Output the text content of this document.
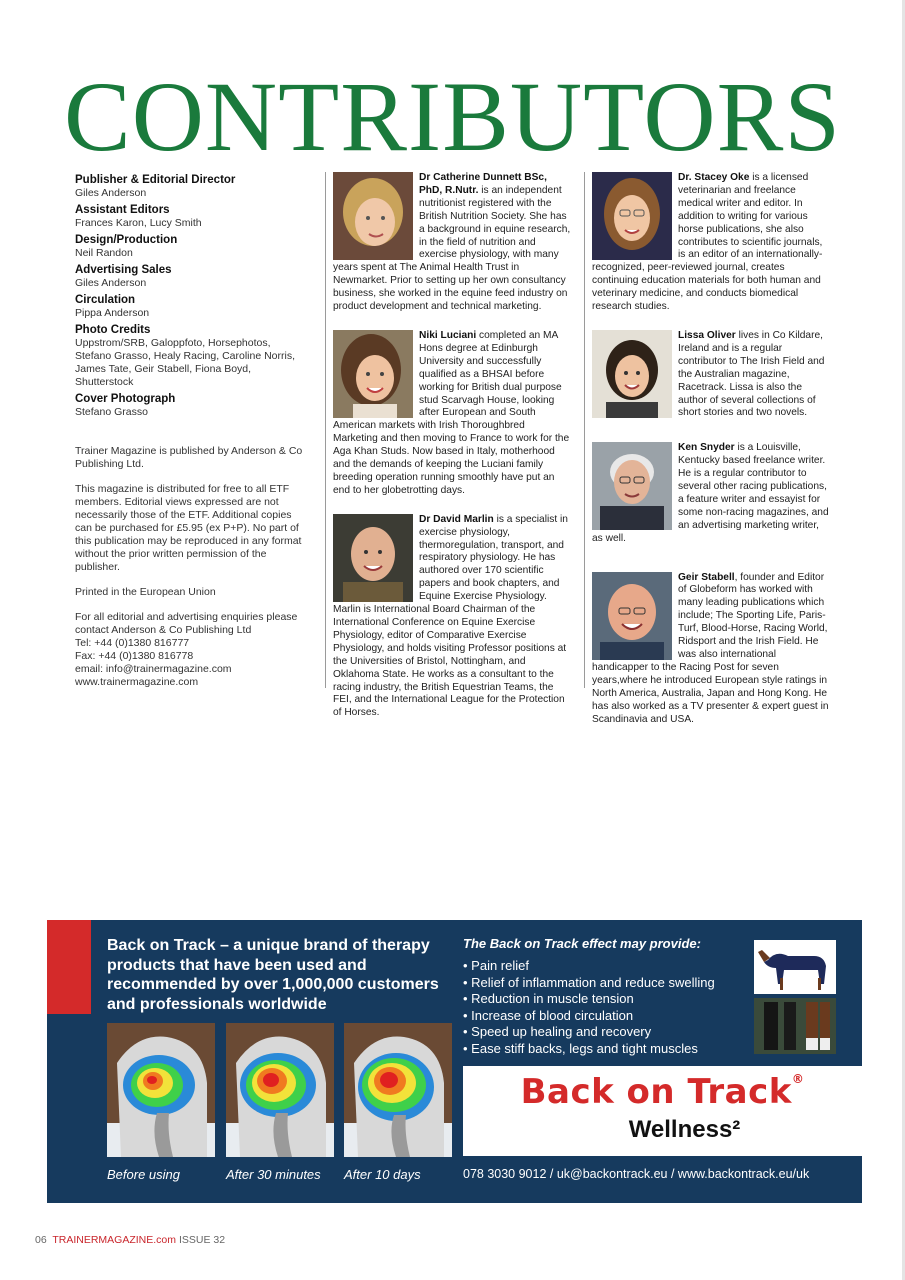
CONTRIBUTORS
Publisher & Editorial Director
Giles Anderson
Assistant Editors
Frances Karon, Lucy Smith
Design/Production
Neil Randon
Advertising Sales
Giles Anderson
Circulation
Pippa Anderson
Photo Credits
Uppstrom/SRB, Galoppfoto, Horsephotos, Stefano Grasso, Healy Racing, Caroline Norris, James Tate, Geir Stabell, Fiona Boyd, Shutterstock
Cover Photograph
Stefano Grasso

Trainer Magazine is published by Anderson & Co Publishing Ltd.

This magazine is distributed for free to all ETF members. Editorial views expressed are not necessarily those of the ETF. Additional copies can be purchased for £5.95 (ex P+P). No part of this publication may be reproduced in any format without the prior written permission of the publisher.

Printed in the European Union

For all editorial and advertising enquiries please contact Anderson & Co Publishing Ltd
Tel: +44 (0)1380 816777
Fax: +44 (0)1380 816778
email: info@trainermagazine.com
www.trainermagazine.com

Dr Catherine Dunnett BSc, PhD, R.Nutr. is an independent nutritionist registered with the British Nutrition Society. She has a background in equine research, in the field of nutrition and exercise physiology, with many years spent at The Animal Health Trust in Newmarket. Prior to setting up her own consultancy business, she worked in the equine feed industry on product development and technical marketing.
Niki Luciani completed an MA Hons degree at Edinburgh University and successfully qualified as a BHSAI before working for British dual purpose stud Scarvagh House, looking after European and South American markets with Irish Thoroughbred Marketing and then moving to France to work for the Aga Khan Studs. Now based in Italy, motherhood and the demands of keeping the Luciani family breeding operation running smoothly have put an end to her globetrotting days.
Dr David Marlin is a specialist in exercise physiology, thermoregulation, transport, and respiratory physiology. He has authored over 170 scientific papers and book chapters, and Equine Exercise Physiology. Marlin is International Board Chairman of the International Conference on Equine Exercise Physiology, editor of Comparative Exercise Physiology, and holds visiting Professor positions at the Universities of Bristol, Nottingham, and Oklahoma State. He works as a consultant to the racing industry, the British Equestrian Teams, the FEI, and the International League for the Protection of Horses.
Dr. Stacey Oke is a licensed veterinarian and freelance medical writer and editor. In addition to writing for various horse publications, she also contributes to scientific journals, is an editor of an internationally-recognized, peer-reviewed journal, creates continuing education materials for both human and veterinary medicine, and conducts biomedical research studies.
Lissa Oliver lives in Co Kildare, Ireland and is a regular contributor to The Irish Field and the Australian magazine, Racetrack. Lissa is also the author of several collections of short stories and two novels.
Ken Snyder is a Louisville, Kentucky based freelance writer. He is a regular contributor to several other racing publications, a feature writer and essayist for some non-racing magazines, and an advertising marketing writer, as well.
Geir Stabell, founder and Editor of Globeform has worked with many leading publications which include; The Sporting Life, Paris-Turf, Blood-Horse, Racing World, Ridsport and the Irish Field. He was also international handicapper to the Racing Post for seven years,where he introduced European style ratings in North America, Australia, Japan and Hong Kong. He has also worked as a TV presenter & expert guest in Scandinavia and USA.
Back on Track – a unique brand of therapy products that have been used and recommended by over 1,000,000 customers and professionals worldwide
The Back on Track effect may provide:
• Pain relief
• Relief of inflammation and reduce swelling
• Reduction in muscle tension
• Increase of blood circulation
• Speed up healing and recovery
• Ease stiff backs, legs and tight muscles
Before using	After 30 minutes After 10 days
Back on Track®
Wellness²
078 3030 9012 / uk@backontrack.eu / www.backontrack.eu/uk
06 TRAINERMAGAZINE.com ISSUE 32
